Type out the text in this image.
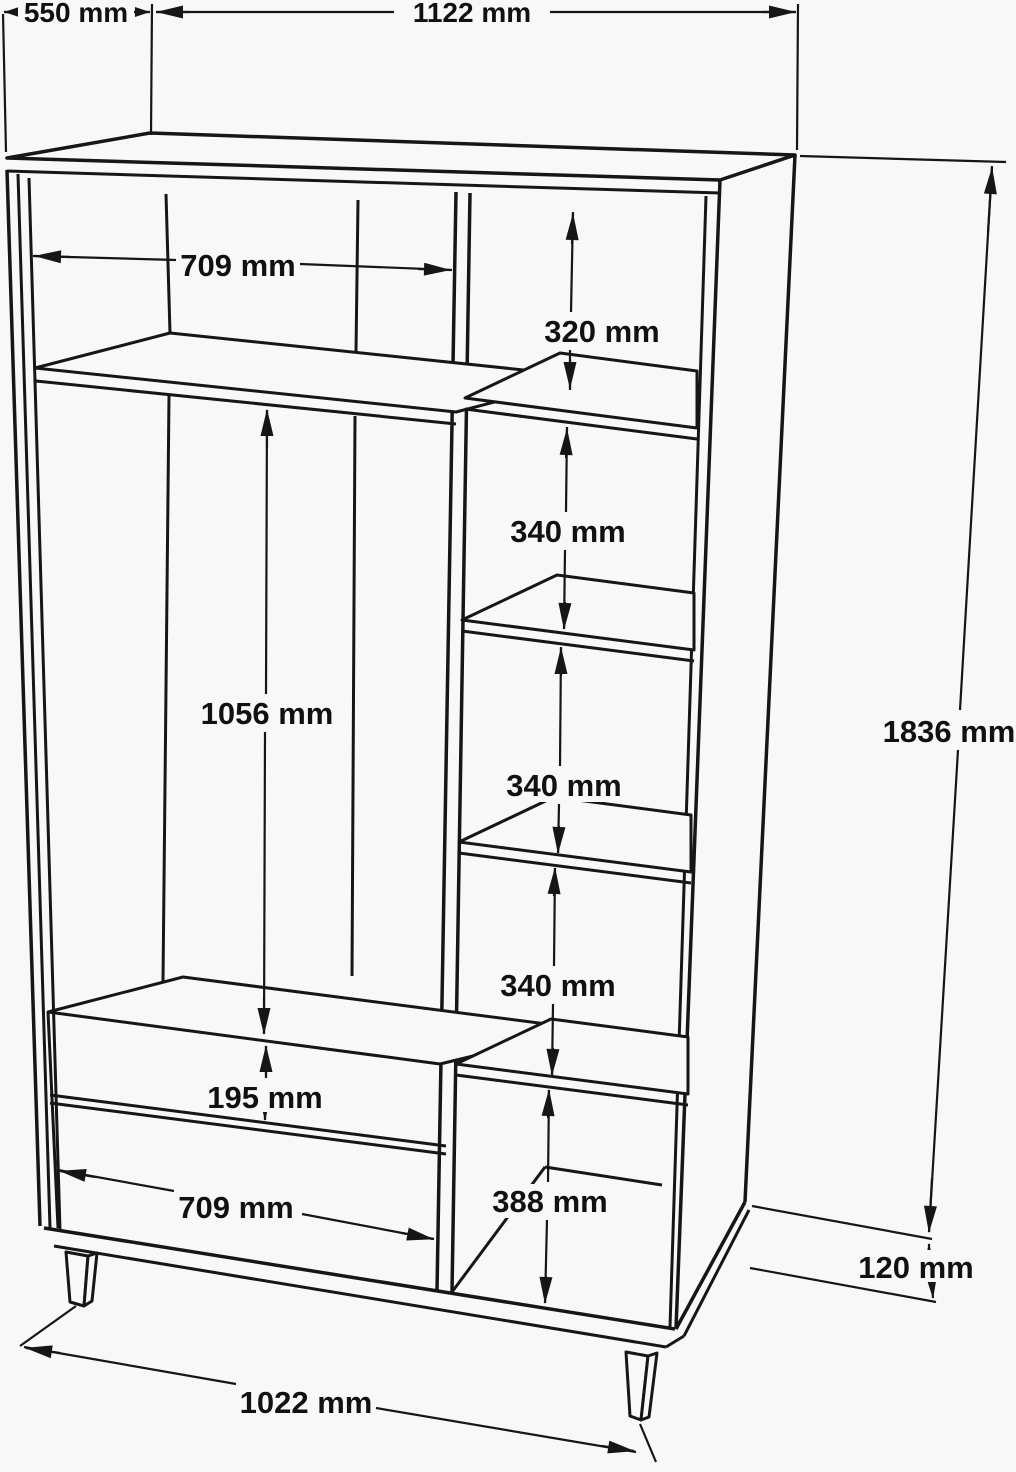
550 mm	1122 mm
709 mm
320 mm
340 mm
1056 mm
340 mm
340 mm
195 mm
388 mm
709 mm
1836 mm
120 mm
1022 mm
